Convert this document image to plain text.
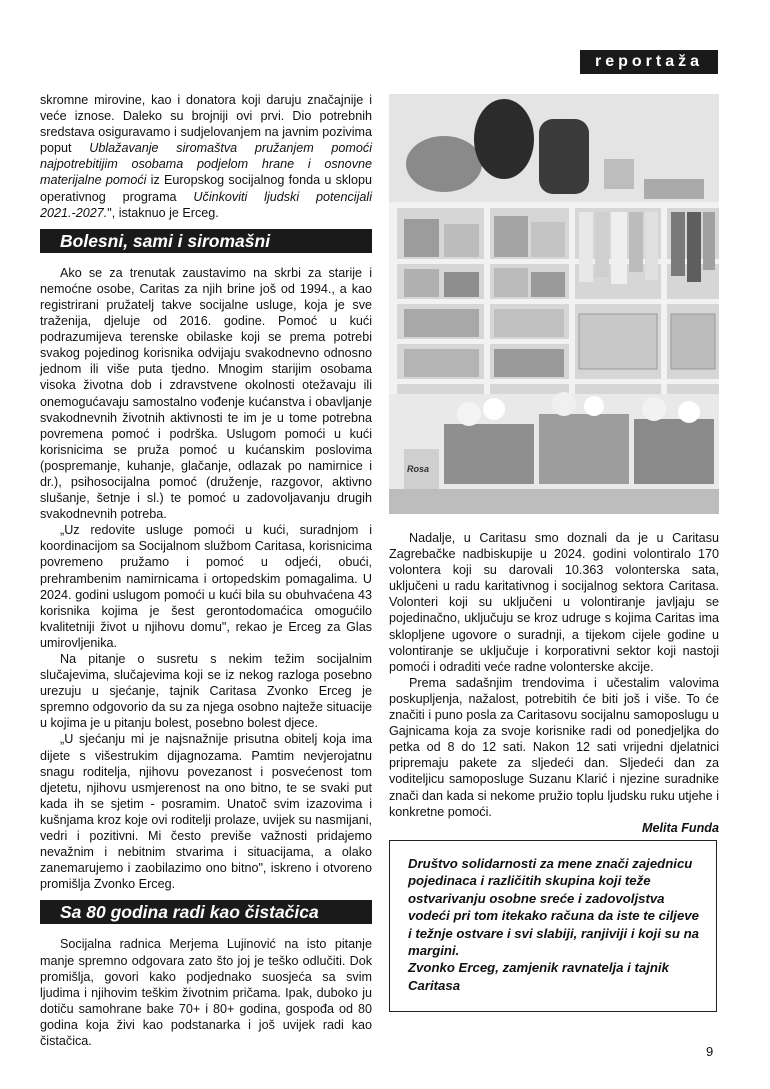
reportaža

skromne mirovine, kao i donatora koji daruju značajnije i veće iznose. Daleko su brojniji ovi prvi. Dio potrebnih sredstava osiguravamo i sudjelovanjem na javnim pozivima poput Ublažavanje siromaštva pružanjem pomoći najpotrebitijim osobama podjelom hrane i osnovne materijalne pomoći iz Europskog socijalnog fonda u sklopu operativnog programa Učinkoviti ljudski potencijali 2021.-2027.", istaknuo je Erceg.

Bolesni, sami i siromašni

Ako se za trenutak zaustavimo na skrbi za starije i nemoćne osobe, Caritas za njih brine još od 1994., a kao registrirani pružatelj takve socijalne usluge, koja je sve traženija, djeluje od 2016. godine. Pomoć u kući podrazumijeva terenske obilaske koji se prema potrebi svakog pojedinog korisnika odvijaju svakodnevno odnosno jednom ili više puta tjedno. Mnogim starijim osobama visoka životna dob i zdravstvene okolnosti otežavaju ili onemogućavaju samostalno vođenje kućanstva i obavljanje svakodnevnih životnih aktivnosti te im je u tome potrebna povremena pomoć i podrška. Uslugom pomoći u kući korisnicima se pruža pomoć u kućanskim poslovima (pospremanje, kuhanje, glačanje, odlazak po namirnice i dr.), psihosocijalna pomoć (druženje, razgovor, aktivno slušanje, šetnje i sl.) te pomoć u zadovoljavanju drugih svakodnevnih potreba.

„Uz redovite usluge pomoći u kući, suradnjom i koordinacijom sa Socijalnom službom Caritasa, korisnicima povremeno pružamo i pomoć u odjeći, obući, prehrambenim namirnicama i ortopedskim pomagalima. U 2024. godini uslugom pomoći u kući bila su obuhvaćena 43 korisnika kojima je šest gerontodomaćica omogućilo kvalitetniji život u njihovu domu", rekao je Erceg za Glas umirovljenika.

Na pitanje o susretu s nekim težim socijalnim slučajevima, slučajevima koji se iz nekog razloga posebno urezuju u sjećanje, tajnik Caritasa Zvonko Erceg je spremno odgovorio da su za njega osobno najteže situacije u kojima je u pitanju bolest, posebno bolest djece.

„U sjećanju mi je najsnažnije prisutna obitelj koja ima dijete s višestrukim dijagnozama. Pamtim nevjerojatnu snagu roditelja, njihovu povezanost i posvećenost tom djetetu, njihovu usmjerenost na ono bitno, te se svaki put kada ih se sjetim - posramim. Unatoč svim izazovima i kušnjama kroz koje ovi roditelji prolaze, uvijek su nasmijani, vedri i pozitivni. Mi često previše važnosti pridajemo nevažnim i nebitnim stvarima i situacijama, a olako zanemarujemo i zaobilazimo ono bitno", iskreno i otvoreno promišlja Zvonko Erceg.

Sa 80 godina radi kao čistačica

Socijalna radnica Merjema Lujinović na isto pitanje manje spremno odgovara zato što joj je teško odlučiti. Dok promišlja, govori kako podjednako suosjeća sa svim ljudima i njihovim teškim životnim pričama. Ipak, duboko ju dotiču samohrane bake 70+ i 80+ godina, gospođa od 80 godina koja živi kao podstanarka i još uvijek radi kao čistačica.

Rosa

Nadalje, u Caritasu smo doznali da je u Caritasu Zagrebačke nadbiskupije u 2024. godini volontiralo 170 volontera koji su darovali 10.363 volonterska sata, uključeni u radu karitativnog i socijalnog sektora Caritasa. Volonteri koji su uključeni u volontiranje javljaju se pojedinačno, uključuju se kroz udruge s kojima Caritas ima sklopljene ugovore o suradnji, a tijekom cijele godine u volontiranje se uključuje i korporativni sektor koji nastoji pomoći i odraditi veće radne volonterske akcije.

Prema sadašnjim trendovima i učestalim valovima poskupljenja, nažalost, potrebitih će biti još i više. To će značiti i puno posla za Caritasovu socijalnu samoposlugu u Gajnicama koja za svoje korisnike radi od ponedjeljka do petka od 8 do 12 sati. Nakon 12 sati vrijedni djelatnici pripremaju pakete za sljedeći dan. Sljedeći dan za voditeljicu samoposluge Suzanu Klarić i njezine suradnike znači dan kada si nekome pružio toplu ljudsku ruku utjehe i konkretne pomoći.

Melita Funda

Društvo solidarnosti za mene znači zajednicu pojedinaca i različitih skupina koji teže ostvarivanju osobne sreće i zadovoljstva vodeći pri tom itekako računa da iste te ciljeve i težnje ostvare i svi slabiji, ranjiviji i koji su na margini.

Zvonko Erceg, zamjenik ravnatelja i tajnik Caritasa

9
